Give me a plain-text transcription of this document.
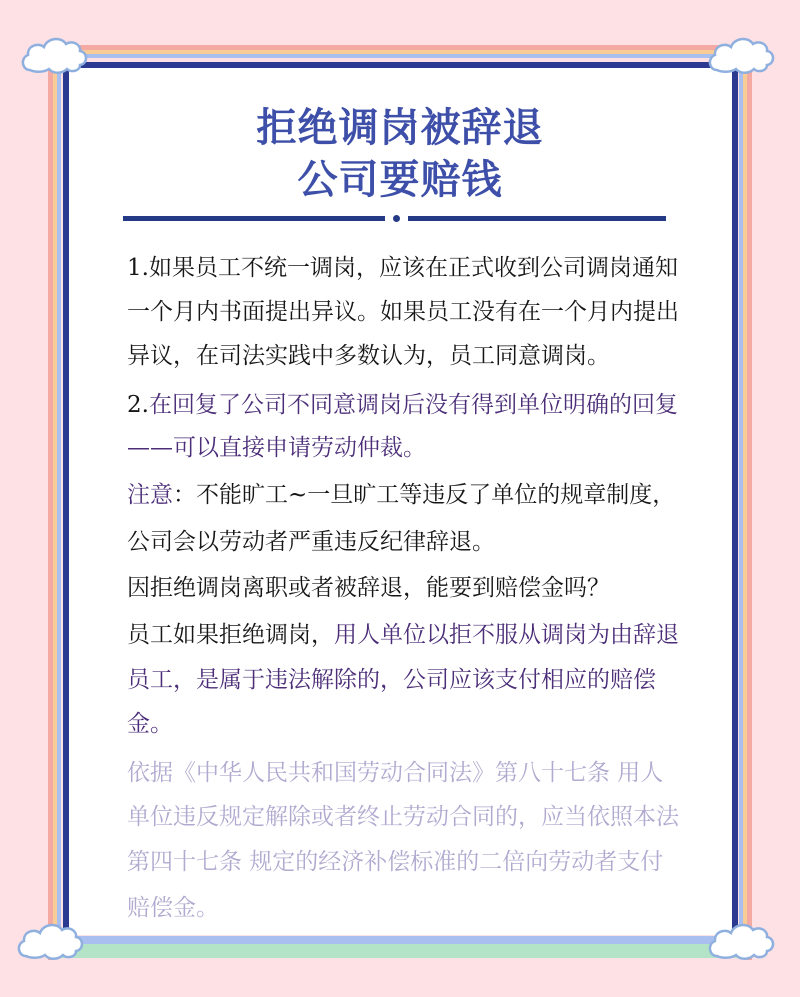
拒绝调岗被辞退
公司要赔钱
1.如果员工不统一调岗，应该在正式收到公司调岗通知
一个月内书面提出异议。如果员工没有在一个月内提出
异议，在司法实践中多数认为，员工同意调岗。
2.在回复了公司不同意调岗后没有得到单位明确的回复
——可以直接申请劳动仲裁。
注意：不能旷工~一旦旷工等违反了单位的规章制度，
公司会以劳动者严重违反纪律辞退。
因拒绝调岗离职或者被辞退，能要到赔偿金吗？
员工如果拒绝调岗，用人单位以拒不服从调岗为由辞退
员工，是属于违法解除的，公司应该支付相应的赔偿
金。
依据《中华人民共和国劳动合同法》第八十七条 用人
单位违反规定解除或者终止劳动合同的，应当依照本法
第四十七条 规定的经济补偿标准的二倍向劳动者支付
赔偿金。
